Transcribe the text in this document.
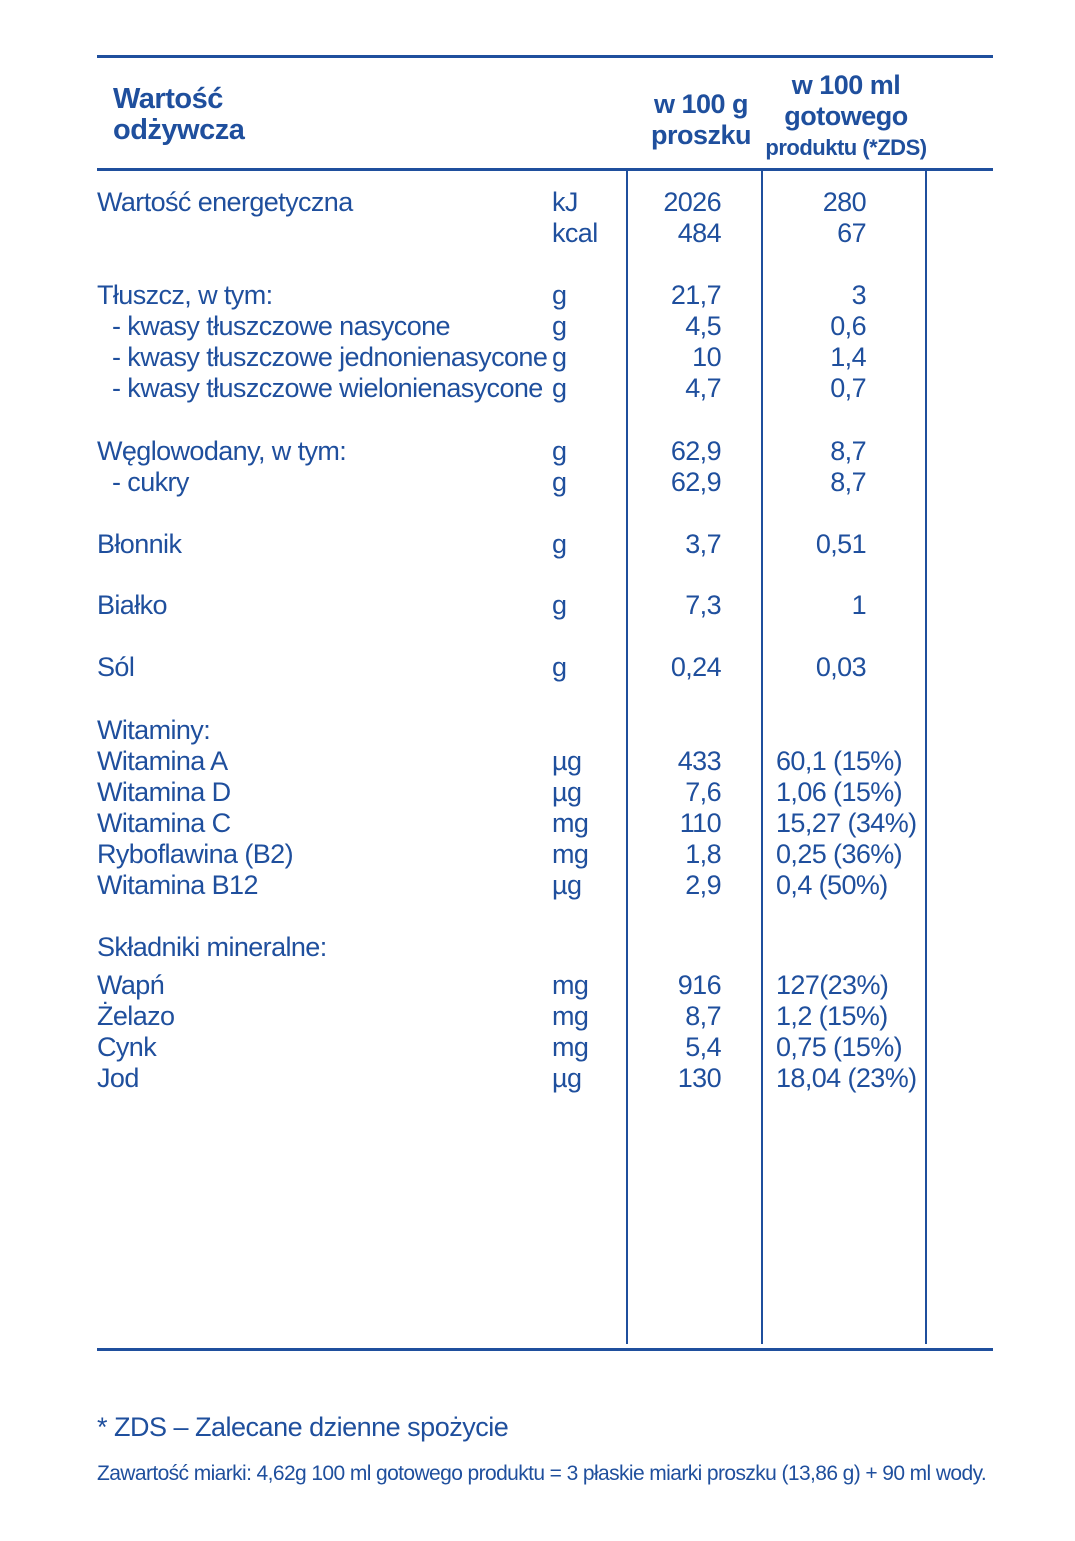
Wartość
odżywcza
w 100 g
proszku
w 100 ml
gotowego
produktu (*ZDS)
Wartość energetyczna	kJ	2026	280
kcal	484	67
Tłuszcz, w tym:	g	21,7	3
- kwasy tłuszczowe nasycone	g	4,5	0,6
- kwasy tłuszczowe jednonienasycone g	10	1,4
- kwasy tłuszczowe wielonienasycone g	4,7	0,7
Węglowodany, w tym:	g	62,9	8,7
- cukry	g	62,9	8,7
Błonnik	g	3,7	0,51
Białko	g	7,3	1
Sól	g	0,24	0,03
Witaminy:
Witamina A	µg	433 60,1 (15%)
Witamina D	µg	7,6 1,06 (15%)
Witamina C	mg	110 15,27 (34%)
Ryboflawina (B2)	mg	1,8 0,25 (36%)
Witamina B12	µg	2,9 0,4 (50%)
Składniki mineralne:
Wapń	mg	916 127(23%)
Żelazo	mg	8,7 1,2 (15%)
Cynk	mg	5,4 0,75 (15%)
Jod	µg	130 18,04 (23%)
* ZDS – Zalecane dzienne spożycie
Zawartość miarki: 4,62g 100 ml gotowego produktu = 3 płaskie miarki proszku (13,86 g) + 90 ml wody.
